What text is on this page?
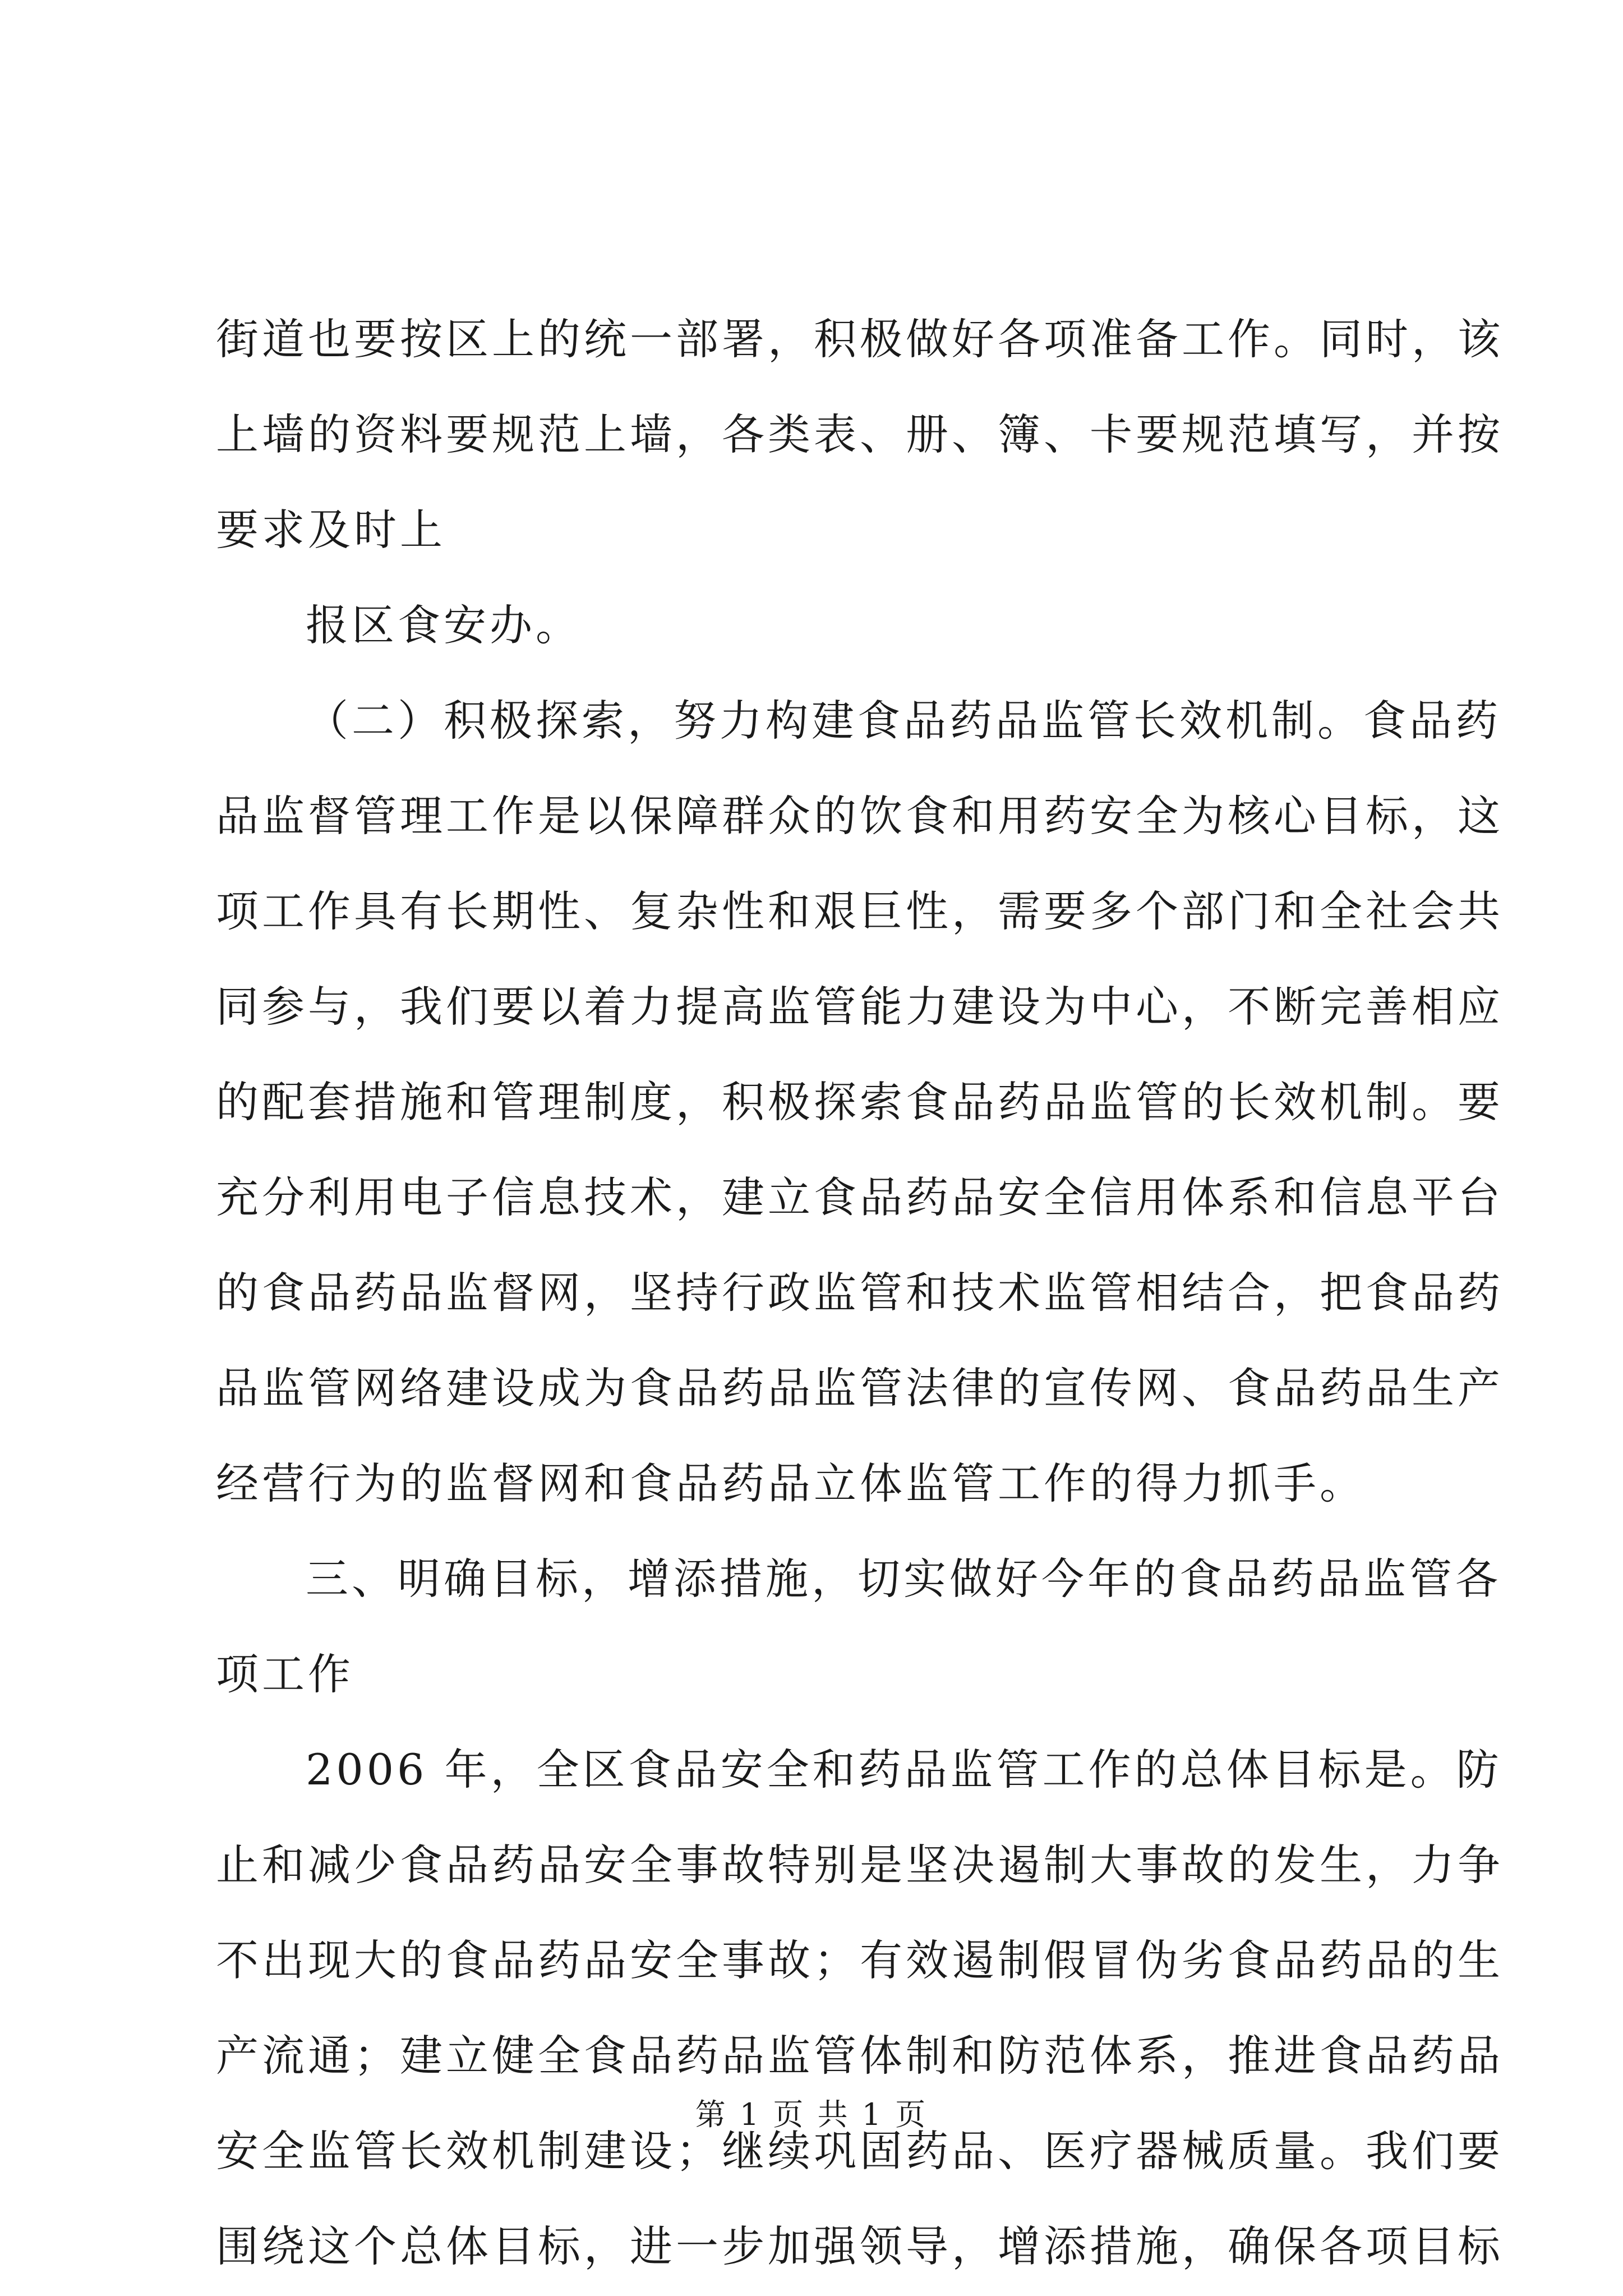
街道也要按区上的统一部署，积极做好各项准备工作。同时，该
上墙的资料要规范上墙，各类表、册、簿、卡要规范填写，并按
要求及时上

报区食安办。

（二）积极探索，努力构建食品药品监管长效机制。食品药
品监督管理工作是以保障群众的饮食和用药安全为核心目标，这
项工作具有长期性、复杂性和艰巨性，需要多个部门和全社会共
同参与，我们要以着力提高监管能力建设为中心，不断完善相应
的配套措施和管理制度，积极探索食品药品监管的长效机制。要
充分利用电子信息技术，建立食品药品安全信用体系和信息平台
的食品药品监督网，坚持行政监管和技术监管相结合，把食品药
品监管网络建设成为食品药品监管法律的宣传网、食品药品生产
经营行为的监督网和食品药品立体监管工作的得力抓手。

三、明确目标，增添措施，切实做好今年的食品药品监管各
项工作

2006 年，全区食品安全和药品监管工作的总体目标是。防
止和减少食品药品安全事故特别是坚决遏制大事故的发生，力争
不出现大的食品药品安全事故；有效遏制假冒伪劣食品药品的生
产流通；建立健全食品药品监管体制和防范体系，推进食品药品
安全监管长效机制建设；继续巩固药品、医疗器械质量。我们要
围绕这个总体目标，进一步加强领导，增添措施，确保各项目标

第 1 页 共 1 页
